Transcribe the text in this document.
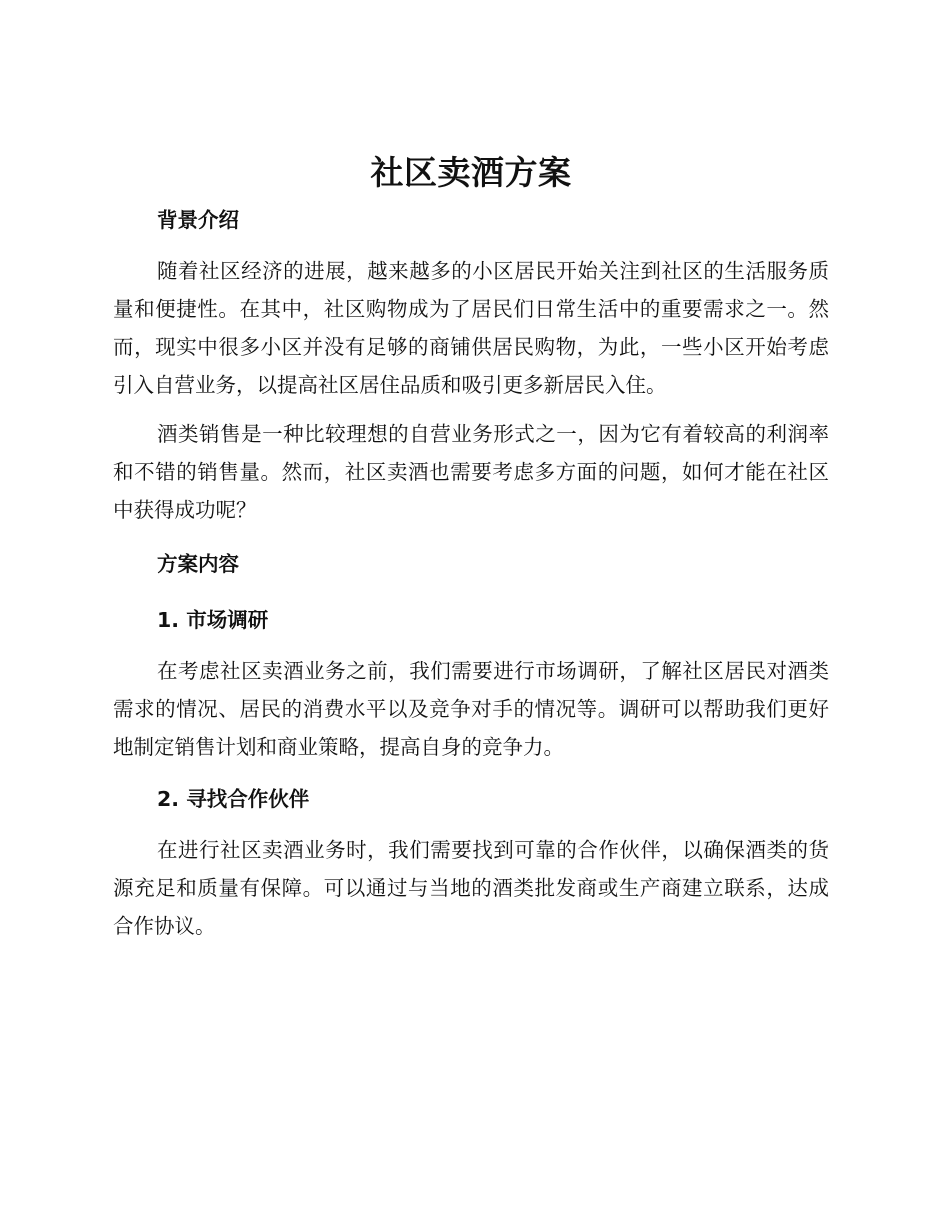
社区卖酒方案
背景介绍

随着社区经济的进展，越来越多的小区居民开始关注到社区的生活服务质量和便捷性。在其中，社区购物成为了居民们日常生活中的重要需求之一。然而，现实中很多小区并没有足够的商铺供居民购物，为此，一些小区开始考虑引入自营业务，以提高社区居住品质和吸引更多新居民入住。

酒类销售是一种比较理想的自营业务形式之一，因为它有着较高的利润率和不错的销售量。然而，社区卖酒也需要考虑多方面的问题，如何才能在社区中获得成功呢？

方案内容
1. 市场调研

在考虑社区卖酒业务之前，我们需要进行市场调研，了解社区居民对酒类需求的情况、居民的消费水平以及竞争对手的情况等。调研可以帮助我们更好地制定销售计划和商业策略，提高自身的竞争力。

2. 寻找合作伙伴

在进行社区卖酒业务时，我们需要找到可靠的合作伙伴，以确保酒类的货源充足和质量有保障。可以通过与当地的酒类批发商或生产商建立联系，达成合作协议。
